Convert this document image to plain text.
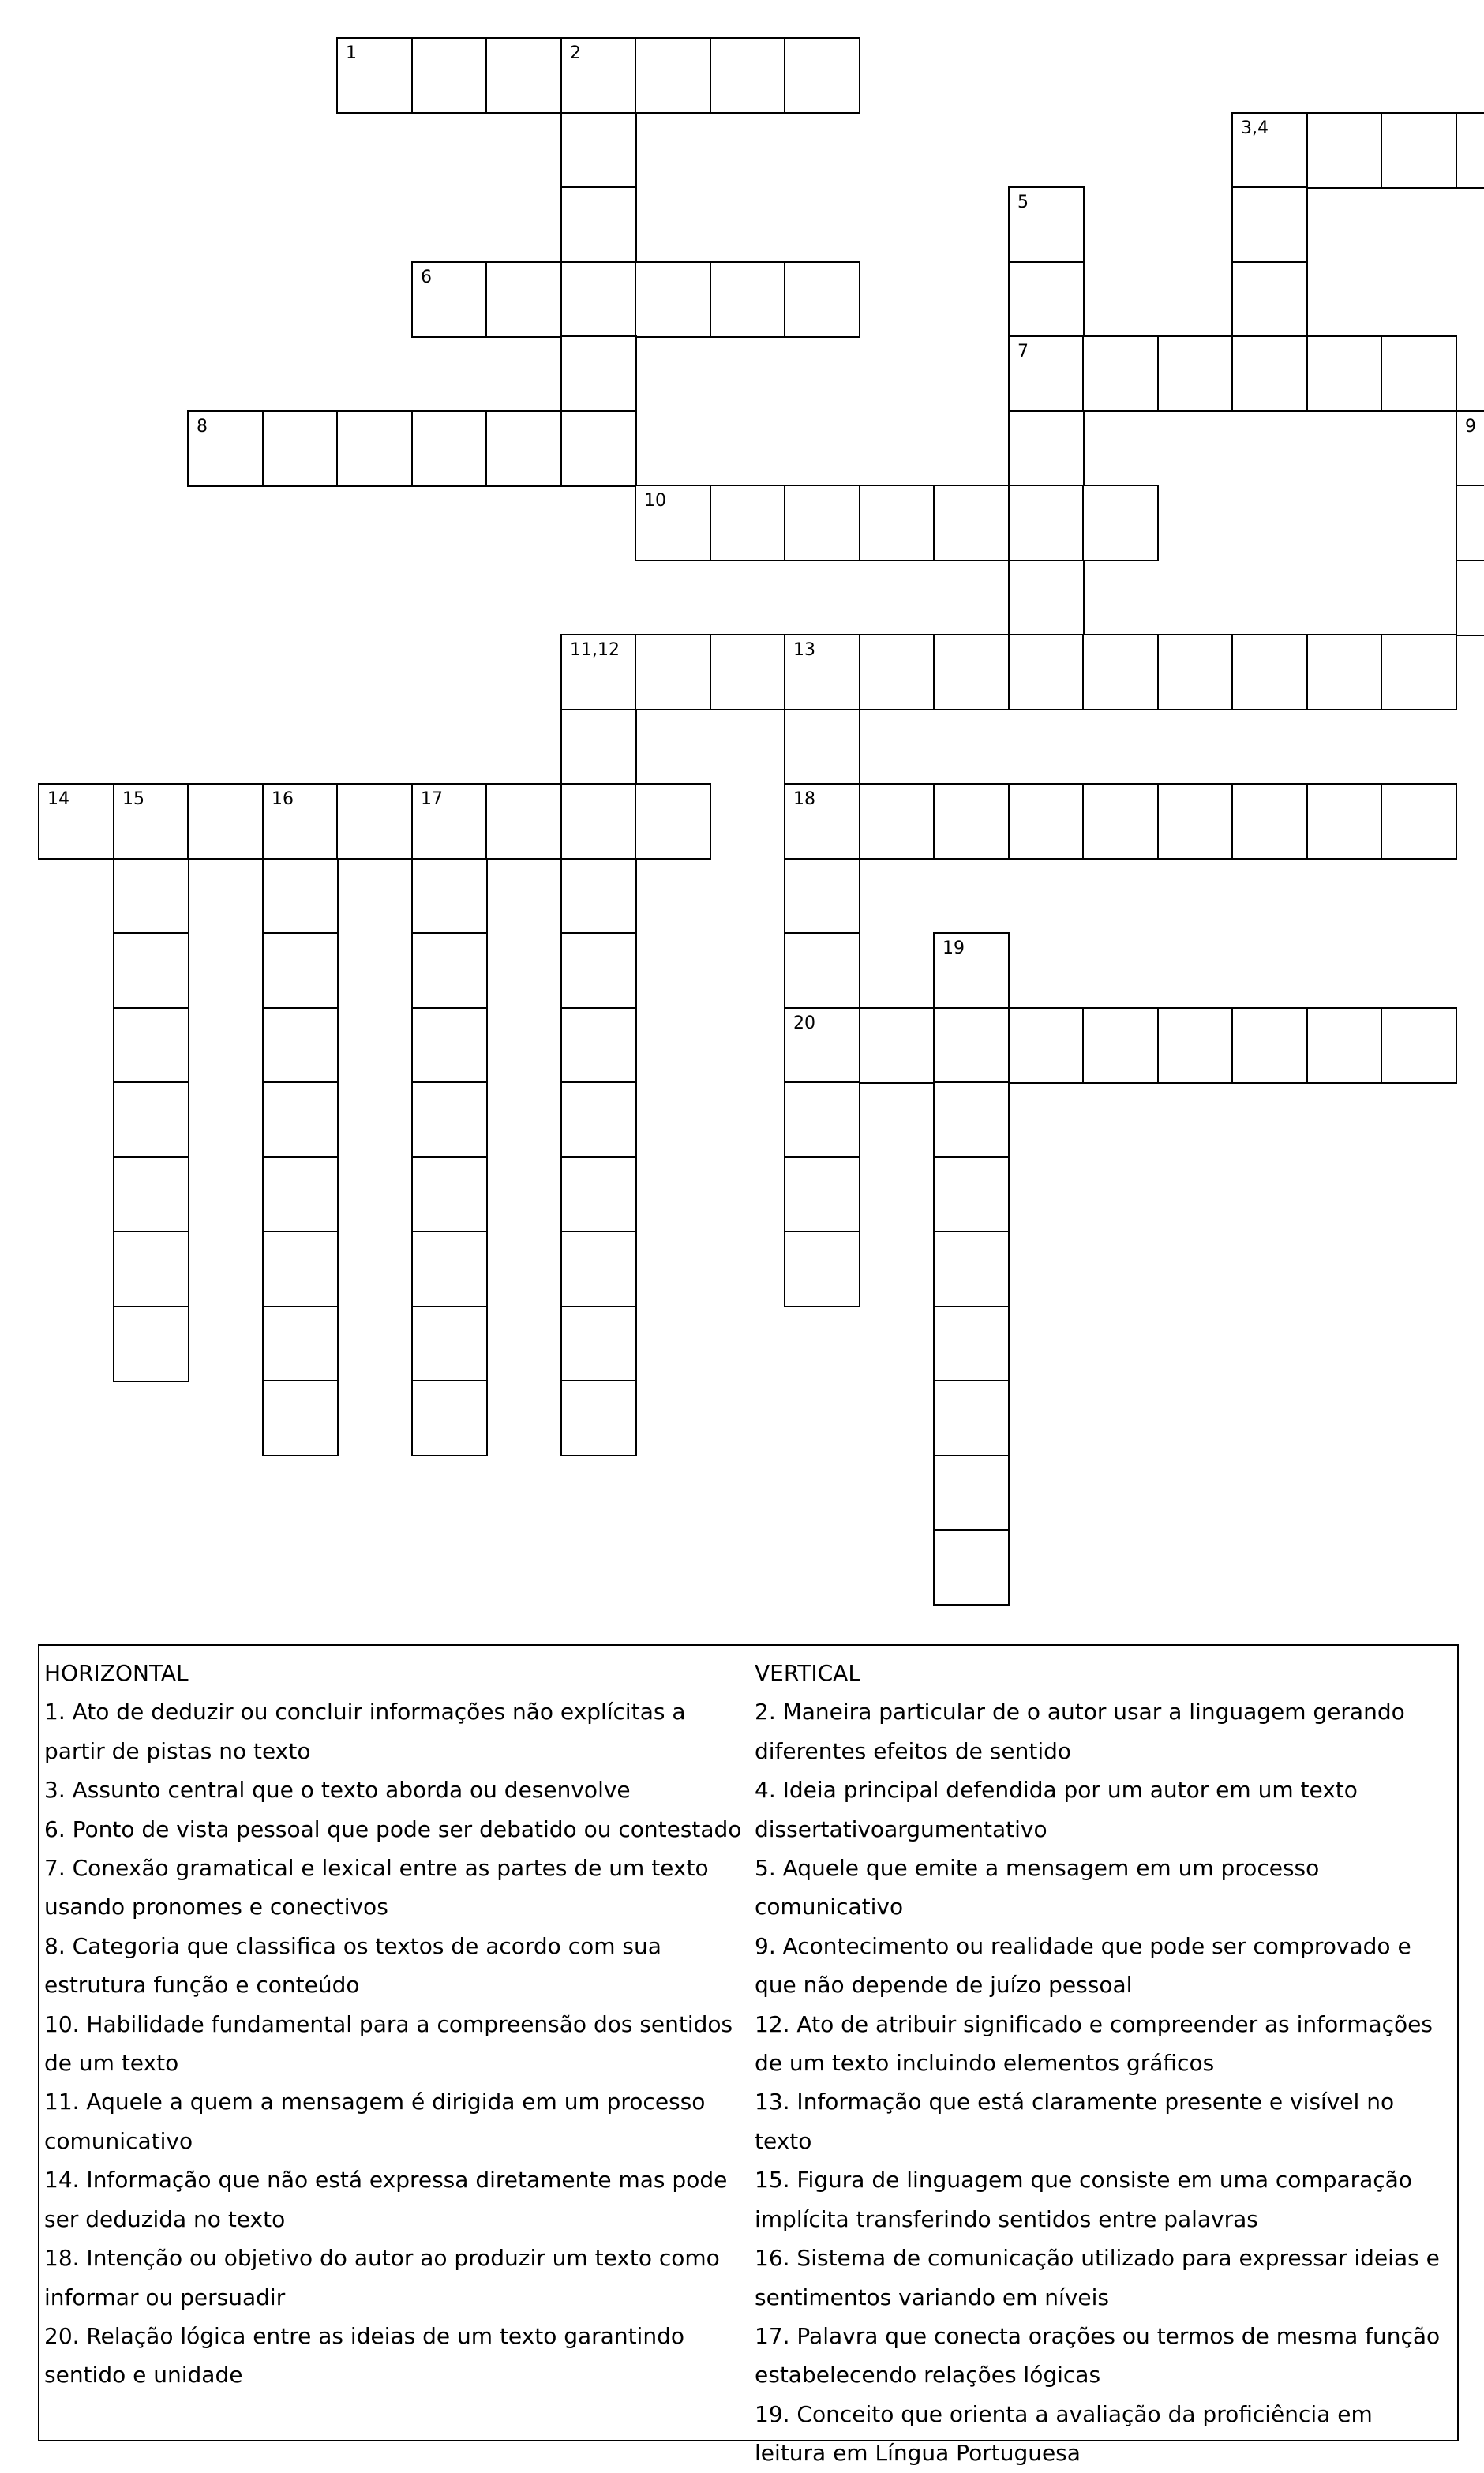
1	2
3,4
5
6
7
8	9
10
11,12	13
14	15	16	17	18
19
20
HORIZONTAL
1. Ato de deduzir ou concluir informações não explícitas a partir de pistas no texto
3. Assunto central que o texto aborda ou desenvolve
6. Ponto de vista pessoal que pode ser debatido ou contestado
7. Conexão gramatical e lexical entre as partes de um texto usando pronomes e conectivos
8. Categoria que classifica os textos de acordo com sua estrutura função e conteúdo
10. Habilidade fundamental para a compreensão dos sentidos de um texto
11. Aquele a quem a mensagem é dirigida em um processo comunicativo
14. Informação que não está expressa diretamente mas pode ser deduzida no texto
18. Intenção ou objetivo do autor ao produzir um texto como informar ou persuadir
20. Relação lógica entre as ideias de um texto garantindo sentido e unidade
VERTICAL
2. Maneira particular de o autor usar a linguagem gerando diferentes efeitos de sentido
4. Ideia principal defendida por um autor em um texto dissertativoargumentativo
5. Aquele que emite a mensagem em um processo comunicativo
9. Acontecimento ou realidade que pode ser comprovado e que não depende de juízo pessoal
12. Ato de atribuir significado e compreender as informações de um texto incluindo elementos gráficos
13. Informação que está claramente presente e visível no texto
15. Figura de linguagem que consiste em uma comparação implícita transferindo sentidos entre palavras
16. Sistema de comunicação utilizado para expressar ideias e sentimentos variando em níveis
17. Palavra que conecta orações ou termos de mesma função estabelecendo relações lógicas
19. Conceito que orienta a avaliação da proficiência em leitura em Língua Portuguesa
